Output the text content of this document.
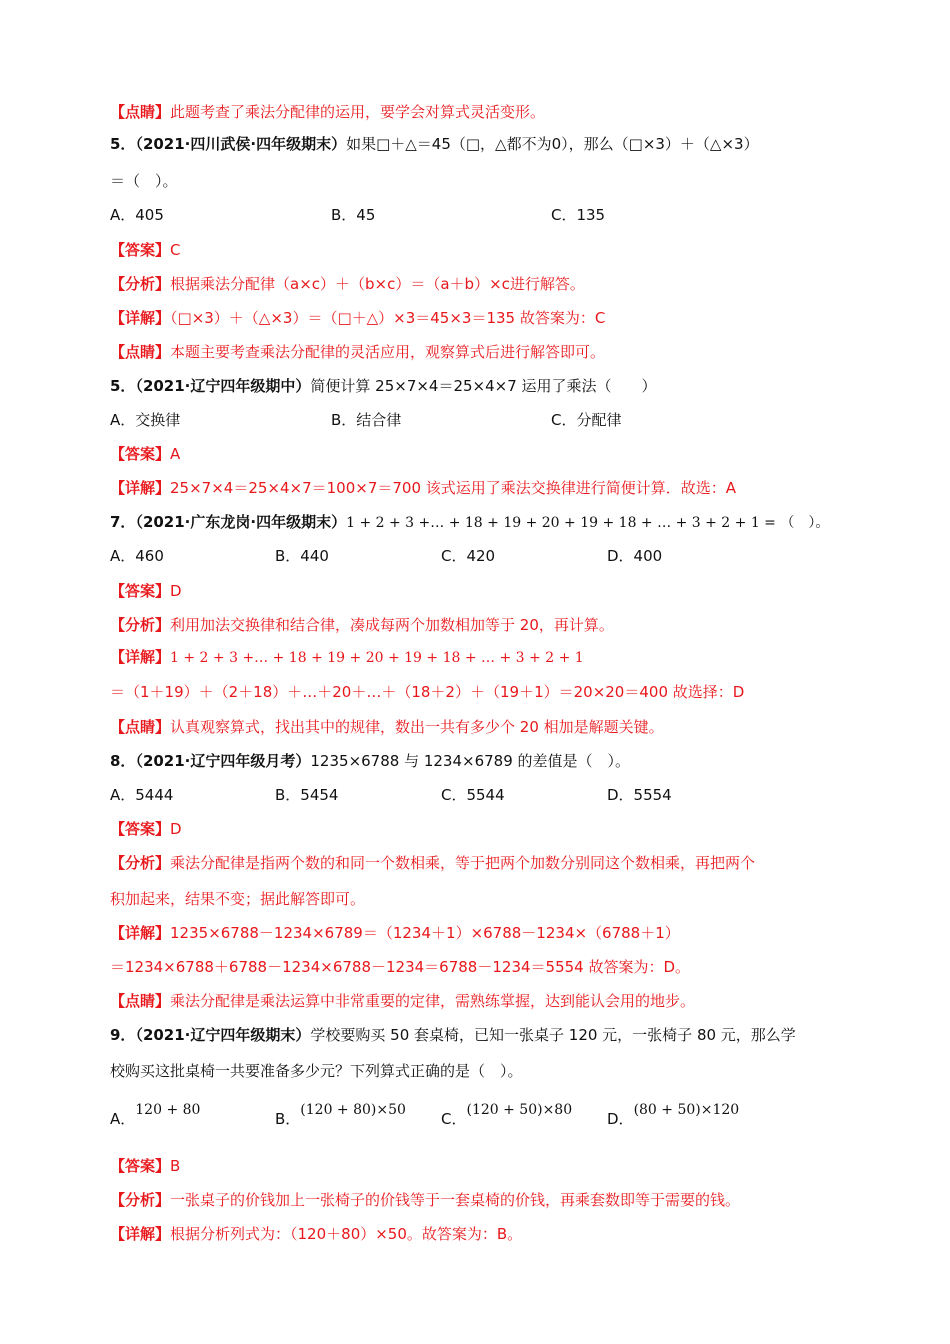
【点睛】此题考查了乘法分配律的运用，要学会对算式灵活变形。
5．（2021·四川武侯·四年级期末）如果□＋△＝45（□，△都不为0），那么（□×3）＋（△×3）
＝（　）。
A．405	B．45	C．135
【答案】C
【分析】根据乘法分配律（a×c）＋（b×c）＝（a＋b）×c进行解答。
【详解】（□×3）＋（△×3）＝（□＋△）×3＝45×3＝135 故答案为：C
【点睛】本题主要考查乘法分配律的灵活应用，观察算式后进行解答即可。
5．（2021·辽宁四年级期中）简便计算 25×7×4＝25×4×7 运用了乘法（　　）
A．交换律	B．结合律	C．分配律
【答案】A
【详解】25×7×4＝25×4×7＝100×7＝700 该式运用了乘法交换律进行简便计算．故选：A
7．（2021·广东龙岗·四年级期末）1 + 2 + 3 +… + 18 + 19 + 20 + 19 + 18 + … + 3 + 2 + 1 = （　）。
A．460	B．440	C．420	D．400
【答案】D
【分析】利用加法交换律和结合律，凑成每两个加数相加等于 20，再计算。
【详解】1 + 2 + 3 +… + 18 + 19 + 20 + 19 + 18 + … + 3 + 2 + 1
＝（1＋19）＋（2＋18）＋…＋20＋…＋（18＋2）＋（19＋1）＝20×20＝400 故选择：D
【点睛】认真观察算式，找出其中的规律，数出一共有多少个 20 相加是解题关键。
8．（2021·辽宁四年级月考）1235×6788 与 1234×6789 的差值是（　）。
A．5444	B．5454	C．5544	D．5554
【答案】D
【分析】乘法分配律是指两个数的和同一个数相乘，等于把两个加数分别同这个数相乘，再把两个
积加起来，结果不变；据此解答即可。
【详解】1235×6788－1234×6789＝（1234＋1）×6788－1234×（6788＋1）
＝1234×6788＋6788－1234×6788－1234＝6788－1234＝5554 故答案为：D。
【点睛】乘法分配律是乘法运算中非常重要的定律，需熟练掌握，达到能认会用的地步。
9．（2021·辽宁四年级期末）学校要购买 50 套桌椅，已知一张桌子 120 元，一张椅子 80 元，那么学
校购买这批桌椅一共要准备多少元？下列算式正确的是（　）。
A．120 + 80	B．(120 + 80)×50 C．(120 + 50)×80 D．(80 + 50)×120
【答案】B
【分析】一张桌子的价钱加上一张椅子的价钱等于一套桌椅的价钱，再乘套数即等于需要的钱。
【详解】根据分析列式为：（120＋80）×50。故答案为：B。
